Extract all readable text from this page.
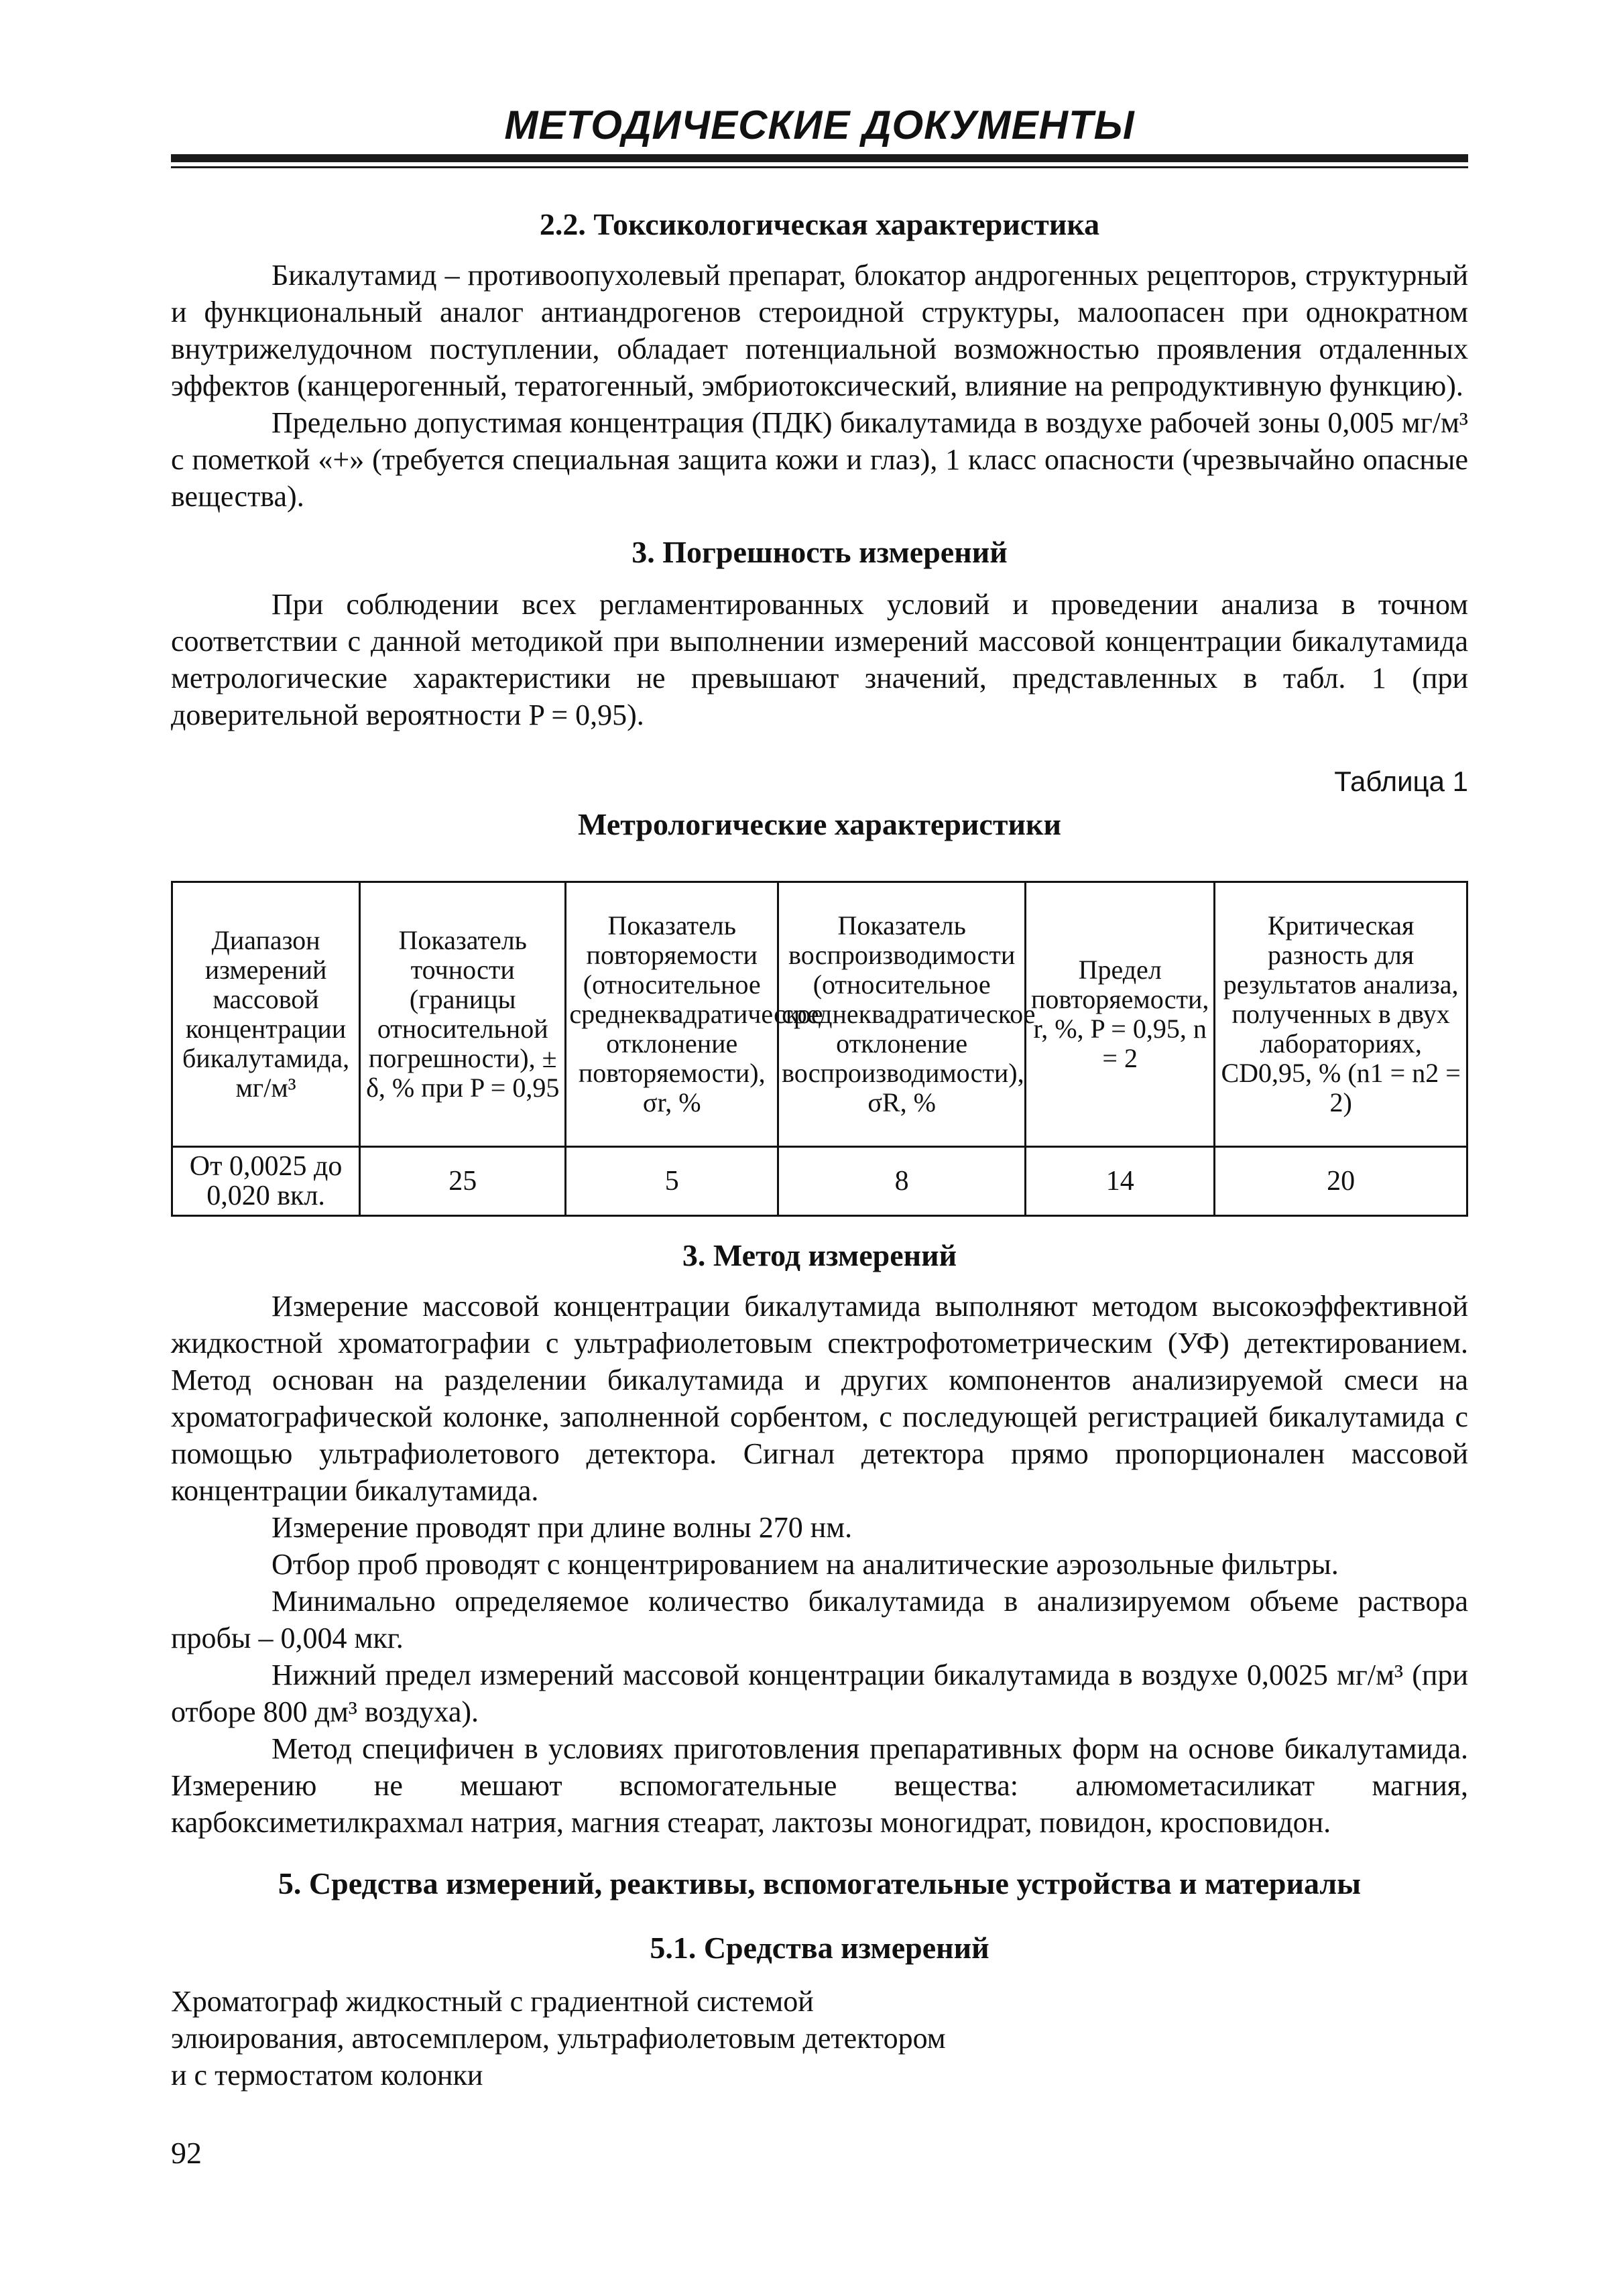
МЕТОДИЧЕСКИЕ ДОКУМЕНТЫ
2.2. Токсикологическая характеристика

Бикалутамид – противоопухолевый препарат, блокатор андрогенных рецепторов, структурный и функциональный аналог антиандрогенов стероидной структуры, малоопасен при однократном внутрижелудочном поступлении, обладает потенциальной возможностью проявления отдаленных эффектов (канцерогенный, тератогенный, эмбриотоксический, влияние на репродуктивную функцию).

Предельно допустимая концентрация (ПДК) бикалутамида в воздухе рабочей зоны 0,005 мг/м³ с пометкой «+» (требуется специальная защита кожи и глаз), 1 класс опасности (чрезвычайно опасные вещества).

3. Погрешность измерений

При соблюдении всех регламентированных условий и проведении анализа в точном соответствии с данной методикой при выполнении измерений массовой концентрации бикалутамида метрологические характеристики не превышают значений, представленных в табл. 1 (при доверительной вероятности P = 0,95).

Таблица 1
Метрологические характеристики
Диапазон измерений массовой концентрации бикалутамида, мг/м³	Показатель точности (границы относительной погрешности), ± δ, % при P = 0,95	Показатель повторяемости (относительное среднеквадратическое отклонение повторяемости), σr, %	Показатель воспроизводимости (относительное среднеквадратическое отклонение воспроизводимости), σR, %	Предел повторяемости, r, %, P = 0,95, n = 2	Критическая разность для результатов анализа, полученных в двух лабораториях, CD0,95, % (n1 = n2 = 2)
От 0,0025 до 0,020 вкл.	25	5	8	14	20
3. Метод измерений

Измерение массовой концентрации бикалутамида выполняют методом высокоэффективной жидкостной хроматографии с ультрафиолетовым спектрофотометрическим (УФ) детектированием. Метод основан на разделении бикалутамида и других компонентов анализируемой смеси на хроматографической колонке, заполненной сорбентом, с последующей регистрацией бикалутамида с помощью ультрафиолетового детектора. Сигнал детектора прямо пропорционален массовой концентрации бикалутамида.

Измерение проводят при длине волны 270 нм.

Отбор проб проводят с концентрированием на аналитические аэрозольные фильтры.

Минимально определяемое количество бикалутамида в анализируемом объеме раствора пробы – 0,004 мкг.

Нижний предел измерений массовой концентрации бикалутамида в воздухе 0,0025 мг/м³ (при отборе 800 дм³ воздуха).

Метод специфичен в условиях приготовления препаративных форм на основе бикалутамида. Измерению не мешают вспомогательные вещества: алюмометасиликат магния, карбоксиметилкрахмал натрия, магния стеарат, лактозы моногидрат, повидон, кросповидон.

5. Средства измерений, реактивы, вспомогательные устройства и материалы
5.1. Средства измерений
Хроматограф жидкостный с градиентной системой
элюирования, автосемплером, ультрафиолетовым детектором
и с термостатом колонки
92
